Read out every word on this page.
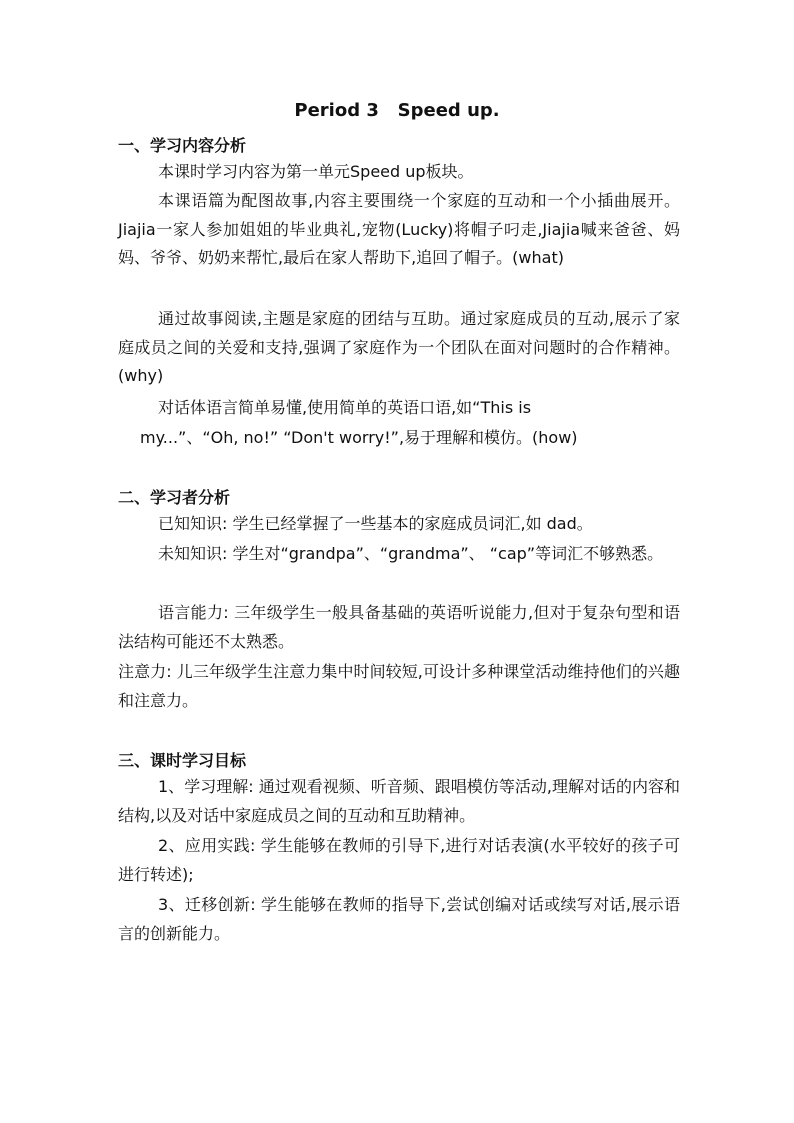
Period 3   Speed up.
一、学习内容分析
本课时学习内容为第一单元Speed up板块。
本课语篇为配图故事,内容主要围绕一个家庭的互动和一个小插曲展开。Jiajia一家人参加姐姐的毕业典礼,宠物(Lucky)将帽子叼走,Jiajia喊来爸爸、妈妈、爷爷、奶奶来帮忙,最后在家人帮助下,追回了帽子。(what)
通过故事阅读,主题是家庭的团结与互助。通过家庭成员的互动,展示了家庭成员之间的关爱和支持,强调了家庭作为一个团队在面对问题时的合作精神。(why)
对话体语言简单易懂,使用简单的英语口语,如“This is
my...”、“Oh, no!” “Don't worry!”,易于理解和模仿。(how)
二、学习者分析
已知知识: 学生已经掌握了一些基本的家庭成员词汇,如 dad。
未知知识: 学生对“grandpa”、“grandma”、 “cap”等词汇不够熟悉。
语言能力: 三年级学生一般具备基础的英语听说能力,但对于复杂句型和语法结构可能还不太熟悉。
注意力: 儿三年级学生注意力集中时间较短,可设计多种课堂活动维持他们的兴趣和注意力。
三、课时学习目标
1、学习理解: 通过观看视频、听音频、跟唱模仿等活动,理解对话的内容和结构,以及对话中家庭成员之间的互动和互助精神。
2、应用实践: 学生能够在教师的引导下,进行对话表演(水平较好的孩子可进行转述);
3、迁移创新: 学生能够在教师的指导下,尝试创编对话或续写对话,展示语言的创新能力。
